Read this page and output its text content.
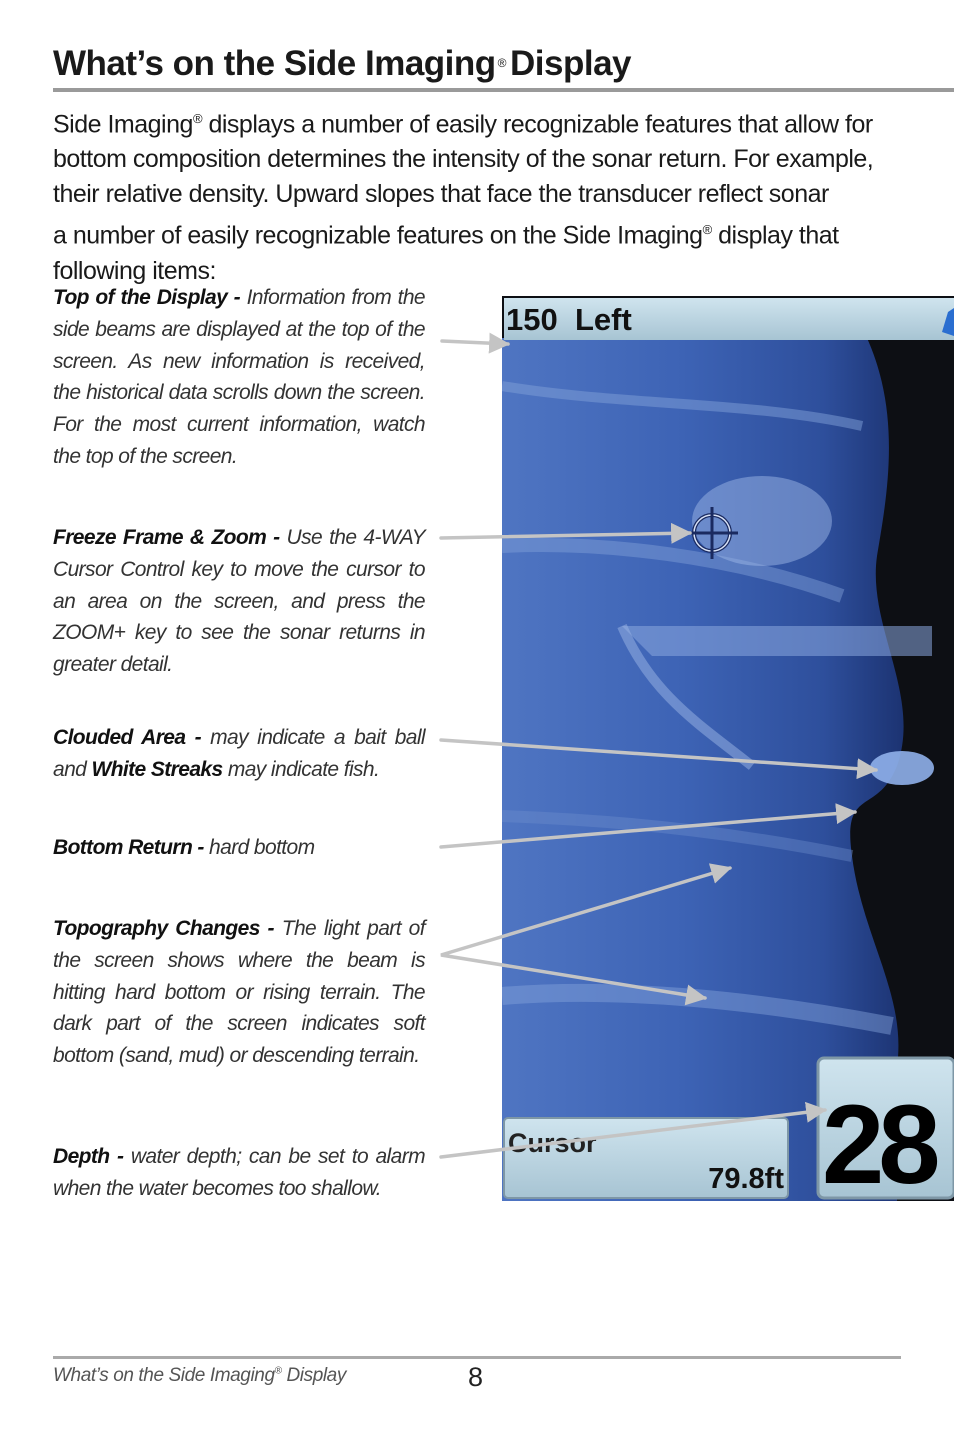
What’s on the Side Imaging ® Display

Side Imaging® displays a number of easily recognizable features that allow for

bottom composition determines the intensity of the sonar return. For example,

their relative density. Upward slopes that face the transducer reflect sonar

a number of easily recognizable features on the Side Imaging® display that

following items:

Top of the Display - Information from the side beams are displayed at the top of the screen. As new information is received, the historical data scrolls down the screen. For the most current information, watch the top of the screen.
Freeze Frame & Zoom - Use the 4-WAY Cursor Control key to move the cursor to an area on the screen, and press the ZOOM+ key to see the sonar returns in greater detail.
Clouded Area - may indicate a bait ball and White Streaks may indicate fish.
Bottom Return - hard bottom
Topography Changes - The light part of the screen shows where the beam is hitting hard bottom or rising terrain. The dark part of the screen indicates soft bottom (sand, mud) or descending terrain.
Depth - water depth; can be set to alarm when the water becomes too shallow.
150  Left
Cursor
79.8ft 28
What’s on the Side Imaging® Display	8
